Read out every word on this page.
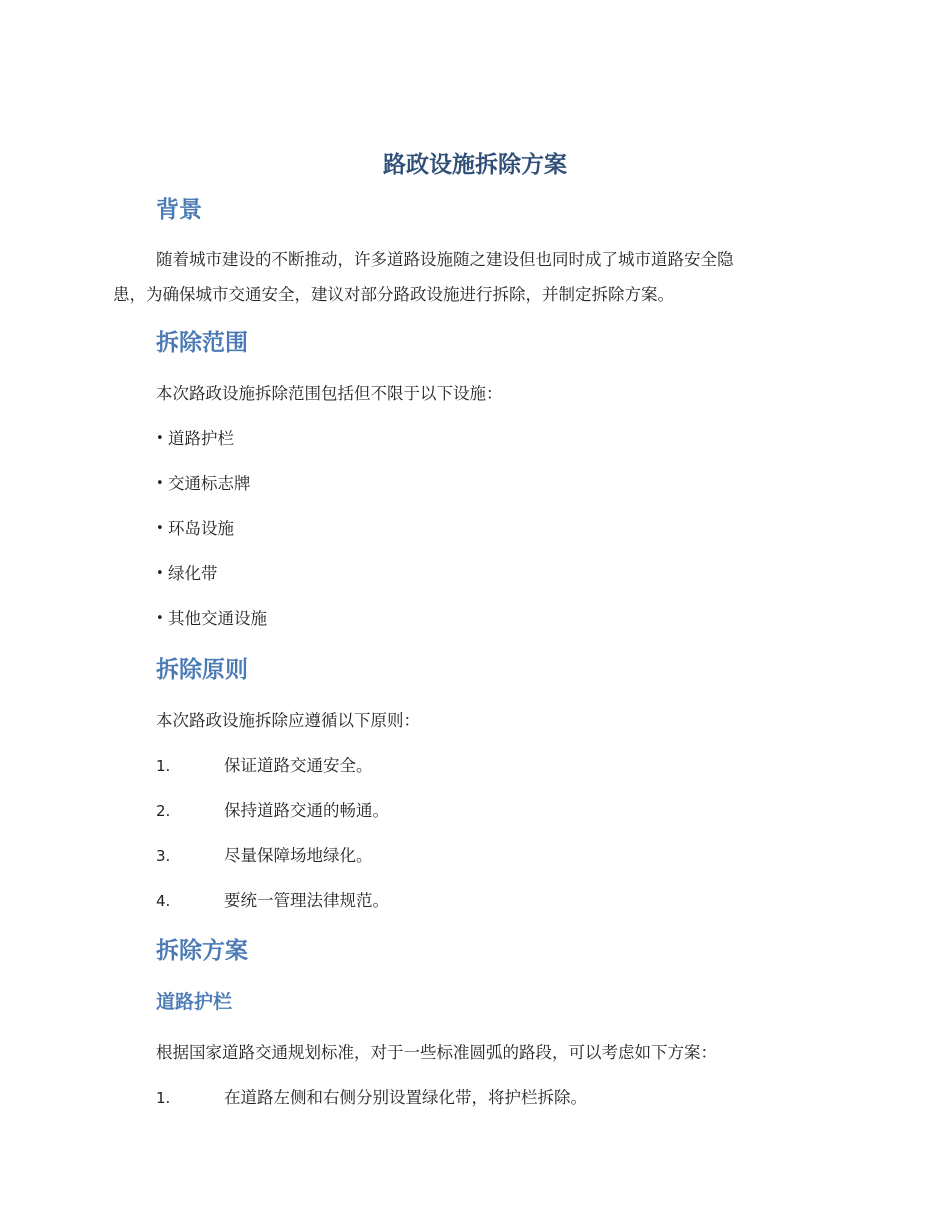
路政设施拆除方案
背景

随着城市建设的不断推动，许多道路设施随之建设但也同时成了城市道路安全隐

患，为确保城市交通安全，建议对部分路政设施进行拆除，并制定拆除方案。

拆除范围

本次路政设施拆除范围包括但不限于以下设施：

• 道路护栏
• 交通标志牌
• 环岛设施
• 绿化带
• 其他交通设施
拆除原则

本次路政设施拆除应遵循以下原则：

1.	保证道路交通安全。
2.	保持道路交通的畅通。
3.	尽量保障场地绿化。
4.	要统一管理法律规范。
拆除方案
道路护栏

根据国家道路交通规划标准，对于一些标准圆弧的路段，可以考虑如下方案：

1.	在道路左侧和右侧分别设置绿化带，将护栏拆除。
